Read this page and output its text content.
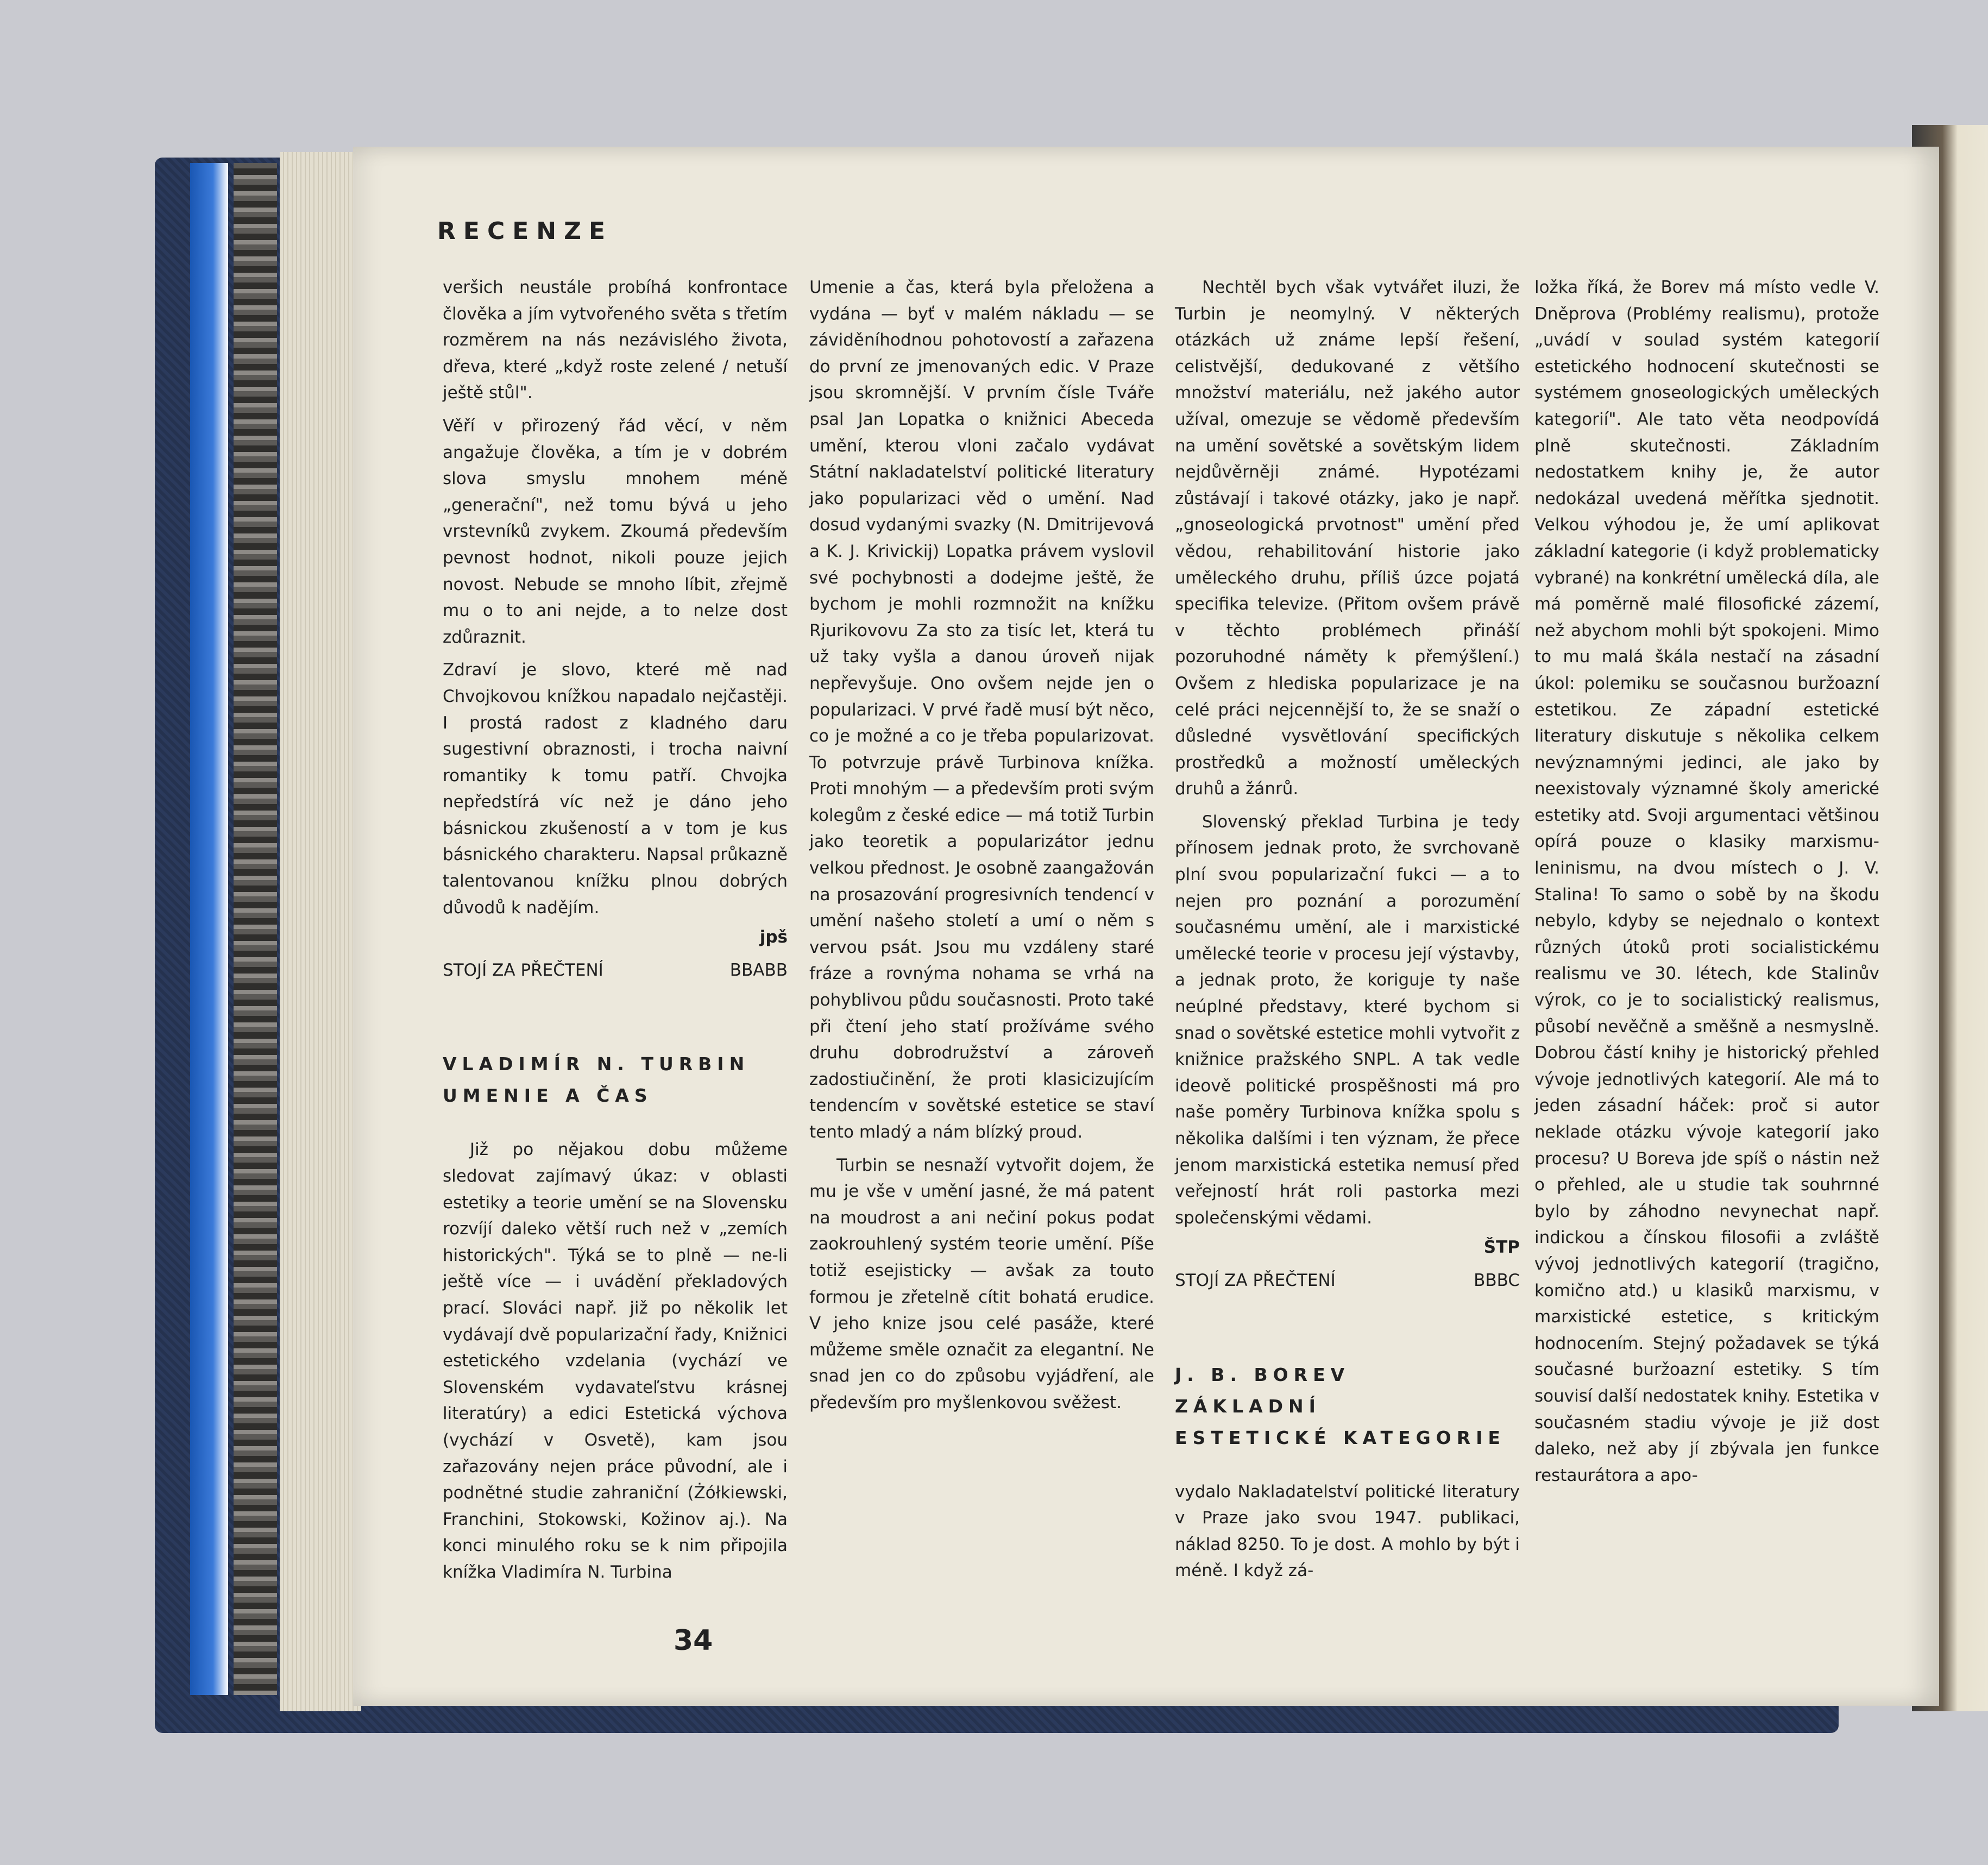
RECENZE

veršich neustále probíhá konfrontace člověka a jím vytvořeného světa s třetím rozměrem na nás nezávislého života, dřeva, které „když roste zelené / netuší ještě stůl".

Věří v přirozený řád věcí, v něm angažuje člověka, a tím je v dobrém slova smyslu mnohem méně „generační", než tomu bývá u jeho vrstevníků zvykem. Zkoumá především pevnost hodnot, nikoli pouze jejich novost. Nebude se mnoho líbit, zřejmě mu o to ani nejde, a to nelze dost zdůraznit.

Zdraví je slovo, které mě nad Chvojkovou knížkou napadalo nejčastěji. I prostá radost z kladného daru sugestivní obraznosti, i trocha naivní romantiky k tomu patří. Chvojka nepředstírá víc než je dáno jeho básnickou zkušeností a v tom je kus básnického charakteru. Napsal průkazně talentovanou knížku plnou dobrých důvodů k nadějím.

jpš
STOJÍ ZA PŘEČTENÍ	BBABB
VLADIMÍR N. TURBIN
UMENIE A ČAS

Již po nějakou dobu můžeme sledovat zajímavý úkaz: v oblasti estetiky a teorie umění se na Slovensku rozvíjí daleko větší ruch než v „zemích historických". Týká se to plně — ne-li ještě více — i uvádění překladových prací. Slováci např. již po několik let vydávají dvě popularizační řady, Knižnici estetického vzdelania (vychází ve Slovenském vydavateľstvu krásnej literatúry) a edici Estetická výchova (vychází v Osvetě), kam jsou zařazovány nejen práce původní, ale i podnětné studie zahraniční (Żółkiewski, Franchini, Stokowski, Kožinov aj.). Na konci minulého roku se k nim připojila knížka Vladimíra N. Turbina

Umenie a čas, která byla přeložena a vydána — byť v malém nákladu — se záviděníhodnou pohotovostí a zařazena do první ze jmenovaných edic. V Praze jsou skromnější. V prvním čísle Tváře psal Jan Lopatka o knižnici Abeceda umění, kterou vloni začalo vydávat Státní nakladatelství politické literatury jako popularizaci věd o umění. Nad dosud vydanými svazky (N. Dmitrijevová a K. J. Krivickij) Lopatka právem vyslovil své pochybnosti a dodejme ještě, že bychom je mohli rozmnožit na knížku Rjurikovovu Za sto za tisíc let, která tu už taky vyšla a danou úroveň nijak nepřevyšuje. Ono ovšem nejde jen o popularizaci. V prvé řadě musí být něco, co je možné a co je třeba popularizovat. To potvrzuje právě Turbinova knížka. Proti mnohým — a především proti svým kolegům z české edice — má totiž Turbin jako teoretik a popularizátor jednu velkou přednost. Je osobně zaangažován na prosazování progresivních tendencí v umění našeho století a umí o něm s vervou psát. Jsou mu vzdáleny staré fráze a rovnýma nohama se vrhá na pohyblivou půdu současnosti. Proto také při čtení jeho statí prožíváme svého druhu dobrodružství a zároveň zadostiučinění, že proti klasicizujícím tendencím v sovětské estetice se staví tento mladý a nám blízký proud.

Turbin se nesnaží vytvořit dojem, že mu je vše v umění jasné, že má patent na moudrost a ani nečiní pokus podat zaokrouhlený systém teorie umění. Píše totiž esejisticky — avšak za touto formou je zřetelně cítit bohatá erudice. V jeho knize jsou celé pasáže, které můžeme směle označit za elegantní. Ne snad jen co do způsobu vyjádření, ale především pro myšlenkovou svěžest.

Nechtěl bych však vytvářet iluzi, že Turbin je neomylný. V některých otázkách už známe lepší řešení, celistvější, dedukované z většího množství materiálu, než jakého autor užíval, omezuje se vědomě především na umění sovětské a sovětským lidem nejdůvěrněji známé. Hypotézami zůstávají i takové otázky, jako je např. „gnoseologická prvotnost" umění před vědou, rehabilitování historie jako uměleckého druhu, příliš úzce pojatá specifika televize. (Přitom ovšem právě v těchto problémech přináší pozoruhodné náměty k přemýšlení.) Ovšem z hlediska popularizace je na celé práci nejcennější to, že se snaží o důsledné vysvětlování specifických prostředků a možností uměleckých druhů a žánrů.

Slovenský překlad Turbina je tedy přínosem jednak proto, že svrchovaně plní svou popularizační fukci — a to nejen pro poznání a porozumění současnému umění, ale i marxistické umělecké teorie v procesu její výstavby, a jednak proto, že koriguje ty naše neúplné představy, které bychom si snad o sovětské estetice mohli vytvořit z knižnice pražského SNPL. A tak vedle ideově politické prospěšnosti má pro naše poměry Turbinova knížka spolu s několika dalšími i ten význam, že přece jenom marxistická estetika nemusí před veřejností hrát roli pastorka mezi společenskými vědami.

ŠTP
STOJÍ ZA PŘEČTENÍ	BBBC
J. B. BOREV
ZÁKLADNÍ
ESTETICKÉ KATEGORIE

vydalo Nakladatelství politické literatury v Praze jako svou 1947. publikaci, náklad 8250. To je dost. A mohlo by být i méně. I když zá-

ložka říká, že Borev má místo vedle V. Dněprova (Problémy realismu), protože „uvádí v soulad systém kategorií estetického hodnocení skutečnosti se systémem gnoseologických uměleckých kategorií". Ale tato věta neodpovídá plně skutečnosti. Základním nedostatkem knihy je, že autor nedokázal uvedená měřítka sjednotit. Velkou výhodou je, že umí aplikovat základní kategorie (i když problematicky vybrané) na konkrétní umělecká díla, ale má poměrně malé filosofické zázemí, než abychom mohli být spokojeni. Mimo to mu malá škála nestačí na zásadní úkol: polemiku se současnou buržoazní estetikou. Ze západní estetické literatury diskutuje s několika celkem nevýznamnými jedinci, ale jako by neexistovaly významné školy americké estetiky atd. Svoji argumentaci většinou opírá pouze o klasiky marxismu-leninismu, na dvou místech o J. V. Stalina! To samo o sobě by na škodu nebylo, kdyby se nejednalo o kontext různých útoků proti socialistickému realismu ve 30. létech, kde Stalinův výrok, co je to socialistický realismus, působí nevěčně a směšně a nesmyslně. Dobrou částí knihy je historický přehled vývoje jednotlivých kategorií. Ale má to jeden zásadní háček: proč si autor neklade otázku vývoje kategorií jako procesu? U Boreva jde spíš o nástin než o přehled, ale u studie tak souhrnné bylo by záhodno nevynechat např. indickou a čínskou filosofii a zvláště vývoj jednotlivých kategorií (tragično, komično atd.) u klasiků marxismu, v marxistické estetice, s kritickým hodnocením. Stejný požadavek se týká současné buržoazní estetiky. S tím souvisí další nedostatek knihy. Estetika v současném stadiu vývoje je již dost daleko, než aby jí zbývala jen funkce restaurátora a apo-

34
